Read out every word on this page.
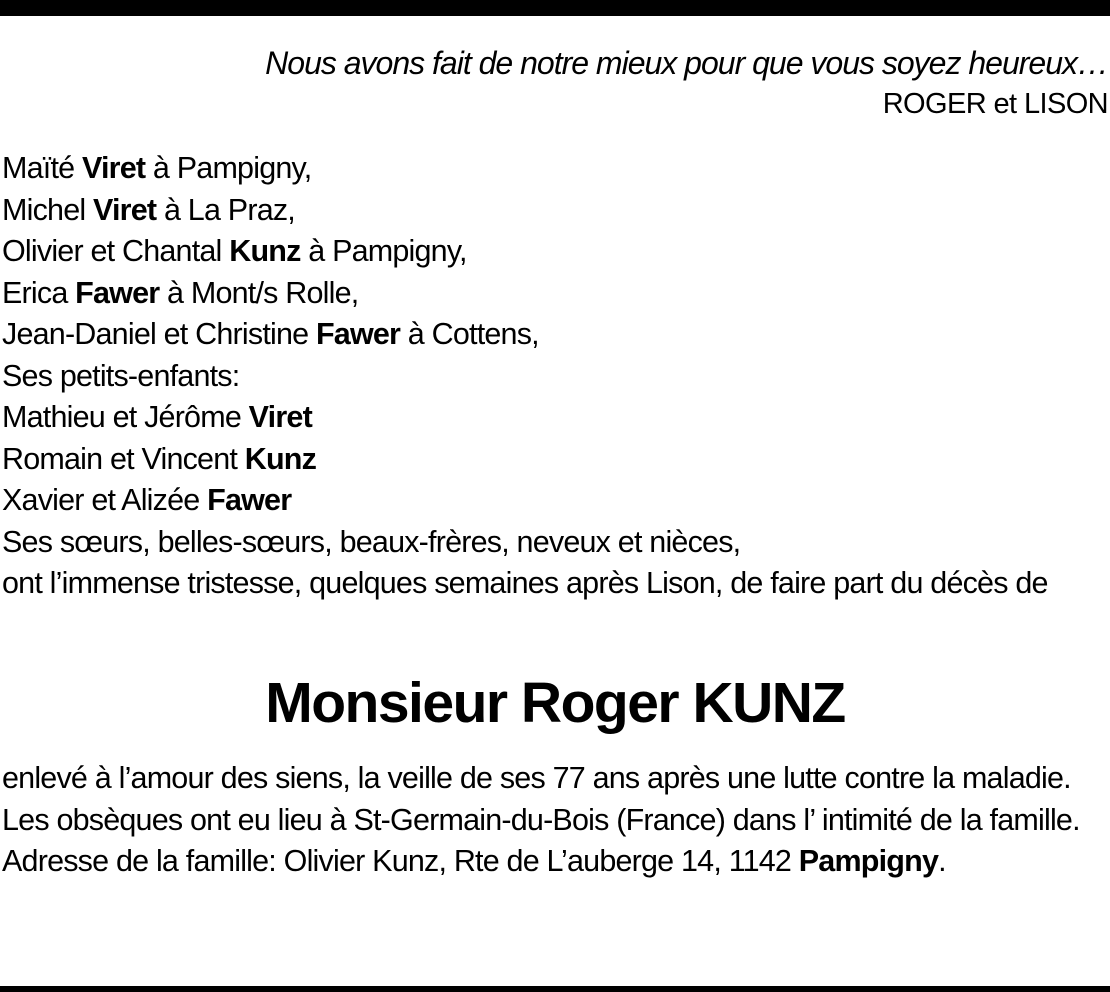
Nous avons fait de notre mieux pour que vous soyez heureux…
ROGER et LISON
Maïté Viret à Pampigny,
Michel Viret à La Praz,
Olivier et Chantal Kunz à Pampigny,
Erica Fawer à Mont/s Rolle,
Jean-Daniel et Christine Fawer à Cottens,
Ses petits-enfants:
Mathieu et Jérôme Viret
Romain et Vincent Kunz
Xavier et Alizée Fawer
Ses sœurs, belles-sœurs, beaux-frères, neveux et nièces,
ont l’immense tristesse, quelques semaines après Lison, de faire part du décès de
Monsieur Roger KUNZ
enlevé à l’amour des siens, la veille de ses 77 ans après une lutte contre la maladie.
Les obsèques ont eu lieu à St-Germain-du-Bois (France) dans l’ intimité de la famille.
Adresse de la famille: Olivier Kunz, Rte de L’auberge 14, 1142 Pampigny.
